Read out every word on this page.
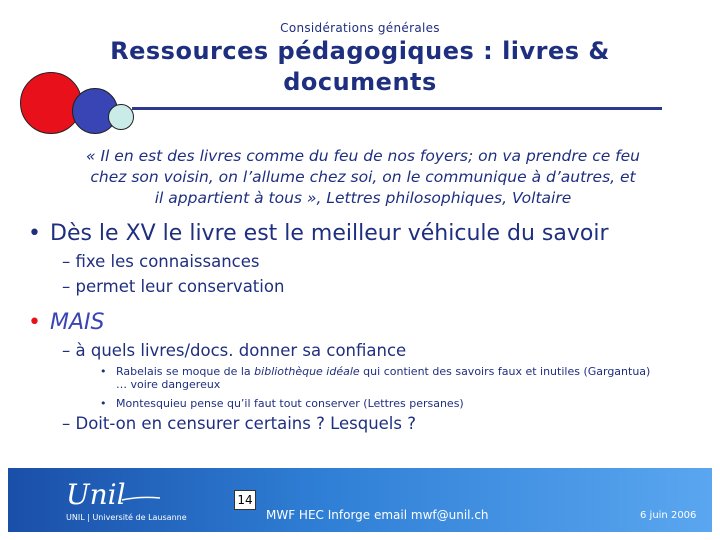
Considérations générales
Ressources pédagogiques : livres &
documents
« Il en est des livres comme du feu de nos foyers; on va prendre ce feu
chez son voisin, on l’allume chez soi, on le communique à d’autres, et
il appartient à tous », Lettres philosophiques, Voltaire
• Dès le XV le livre est le meilleur véhicule du savoir
– fixe les connaissances
– permet leur conservation
• MAIS
– à quels livres/docs. donner sa confiance
• Rabelais se moque de la bibliothèque idéale qui contient des savoirs faux et inutiles (Gargantua) … voire dangereux
• Montesquieu pense qu’il faut tout conserver (Lettres persanes)
– Doit-on en censurer certains ? Lesquels ?
Unil
UNIL | Université de Lausanne
14
MWF HEC Inforge email mwf@unil.ch	6 juin 2006
